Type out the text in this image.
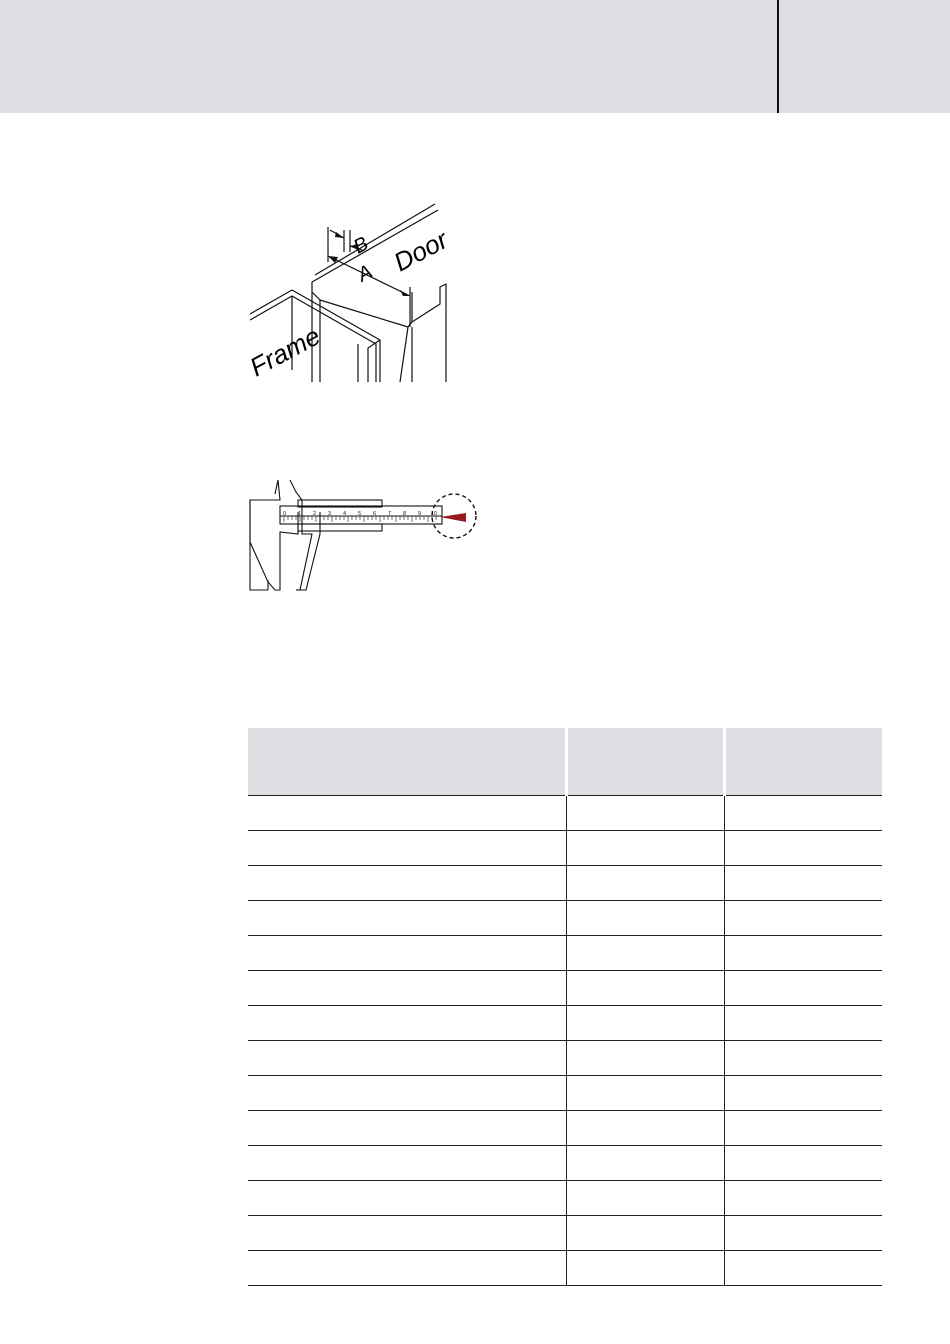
B
A Door
Frame
0 1 2 3 4 5 6 7 8 9 10
